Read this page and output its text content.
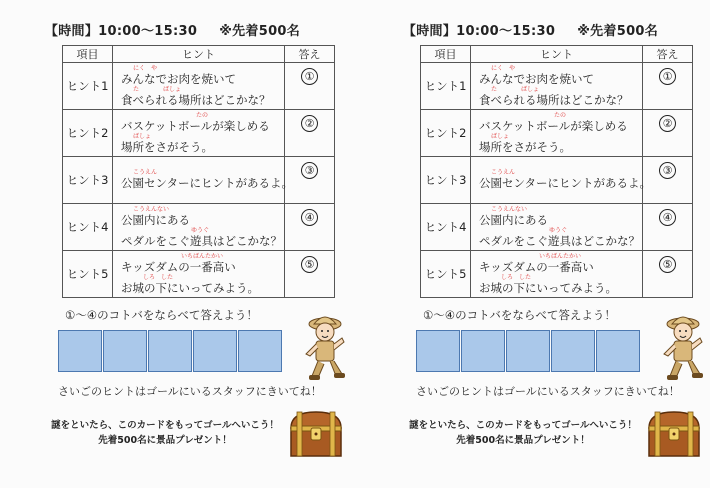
【時間】10:00～15:30 ※先着500名
項目	ヒント	答え
ヒント1	にく　や
みんなでお肉を焼いて
た　　　　ばしょ
食べられる場所はどこかな？	①
ヒント2	たの
バスケットボールが楽しめる
ばしょ
場所をさがそう。	②
ヒント3	こうえん
公園センターにヒントがあるよ。	③
ヒント4	こうえんない
公園内にある
ゆうぐ
ペダルをこぐ遊具はどこかな？	④
ヒント5	いちばんたかい
キッズダムの一番高い
しろ　した
お城の下にいってみよう。	⑤
①～④のコトバをならべて答えよう！
さいごのヒントはゴールにいるスタッフにきいてね！
謎をといたら、このカードをもってゴールへいこう！
先着500名に景品プレゼント！
【時間】10:00～15:30 ※先着500名
項目	ヒント	答え
ヒント1	にく　や
みんなでお肉を焼いて
た　　　　ばしょ
食べられる場所はどこかな？	①
ヒント2	たの
バスケットボールが楽しめる
ばしょ
場所をさがそう。	②
ヒント3	こうえん
公園センターにヒントがあるよ。	③
ヒント4	こうえんない
公園内にある
ゆうぐ
ペダルをこぐ遊具はどこかな？	④
ヒント5	いちばんたかい
キッズダムの一番高い
しろ　した
お城の下にいってみよう。	⑤
①～④のコトバをならべて答えよう！
さいごのヒントはゴールにいるスタッフにきいてね！
謎をといたら、このカードをもってゴールへいこう！
先着500名に景品プレゼント！
